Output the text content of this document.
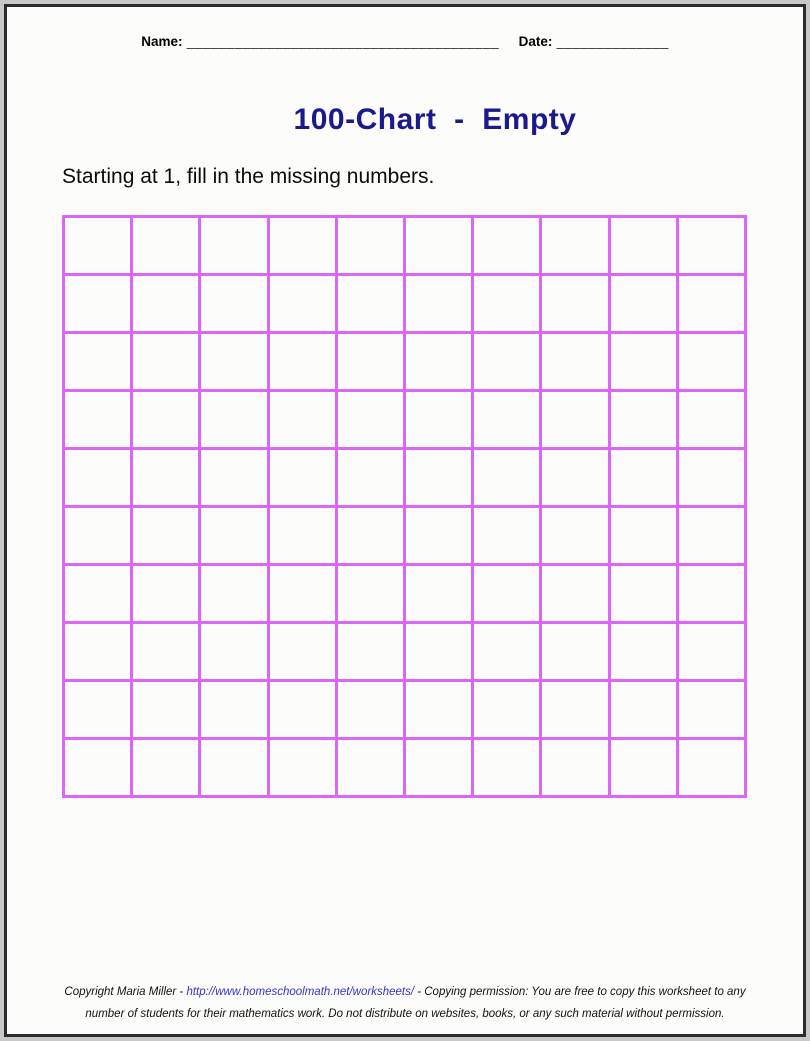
Name: _______________________________________  Date: ______________
100-Chart  -  Empty

Starting at 1, fill in the missing numbers.

Copyright Maria Miller - http://www.homeschoolmath.net/worksheets/ - Copying permission: You are free to copy this worksheet to any
number of students for their mathematics work. Do not distribute on websites, books, or any such material without permission.
